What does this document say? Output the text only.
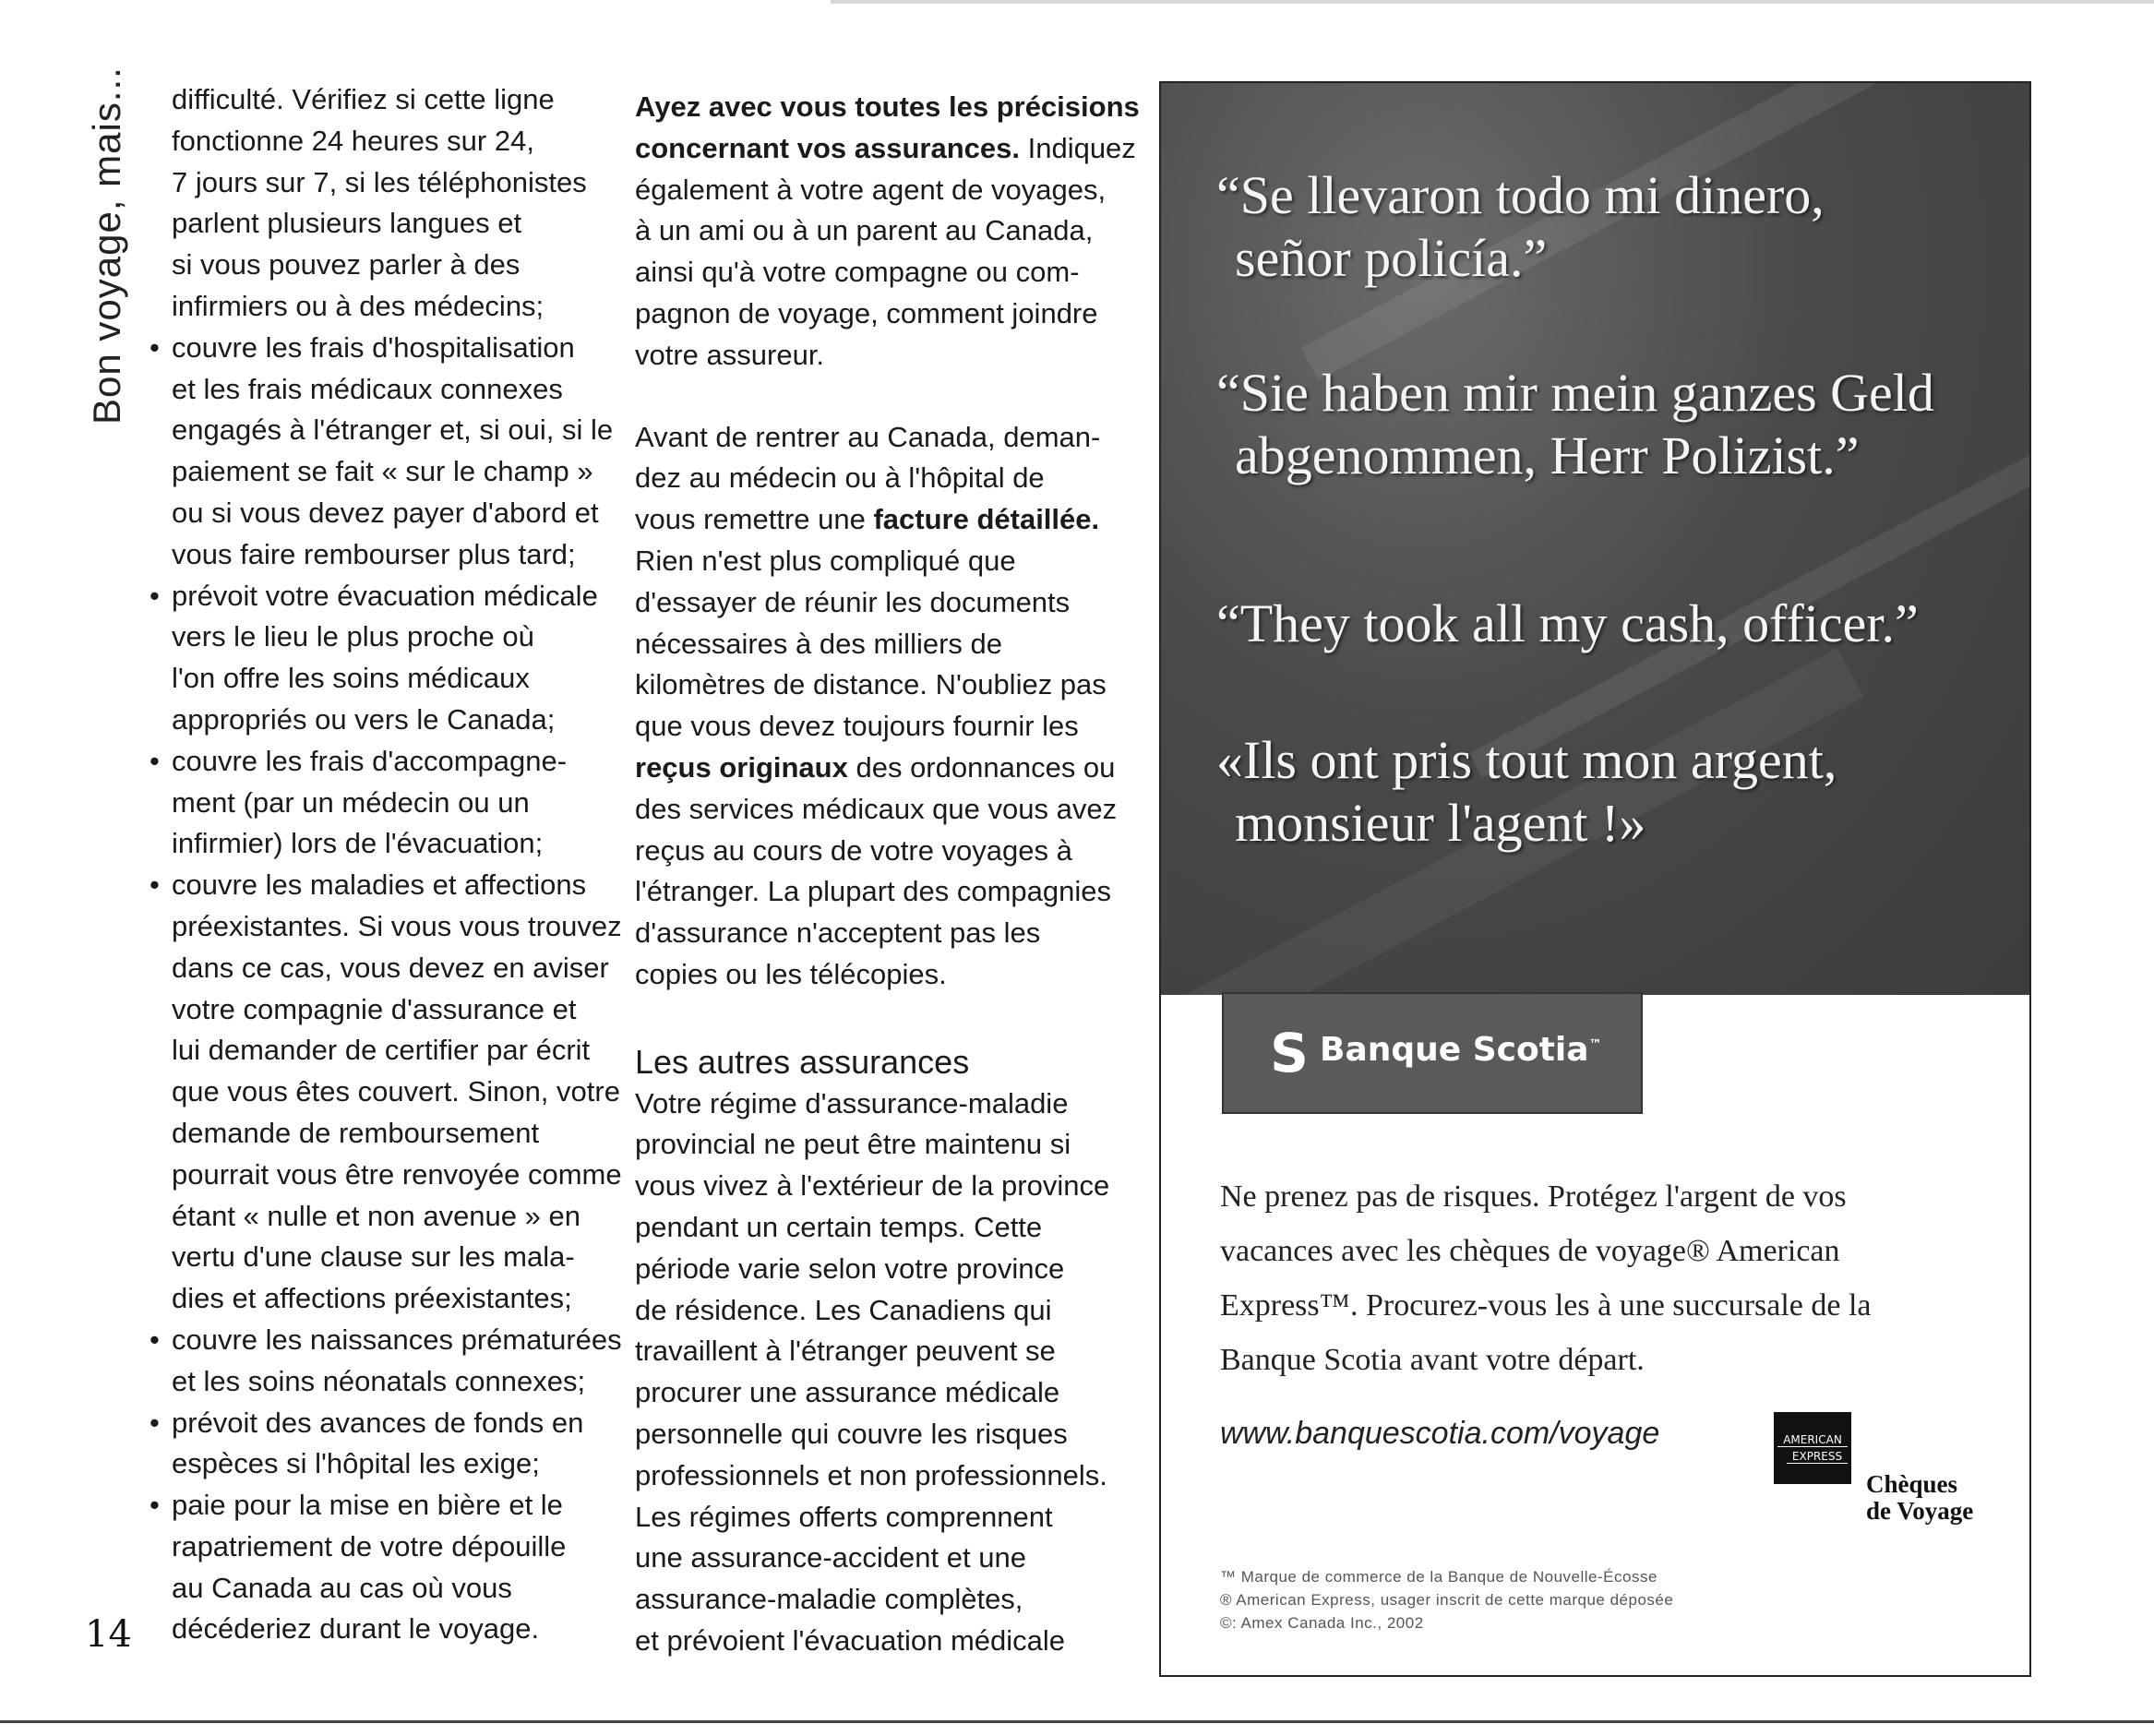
Bon voyage, mais...
14
difficulté. Vérifiez si cette ligne
fonctionne 24 heures sur 24,
7 jours sur 7, si les téléphonistes
parlent plusieurs langues et
si vous pouvez parler à des
infirmiers ou à des médecins;
• couvre les frais d'hospitalisation
et les frais médicaux connexes
engagés à l'étranger et, si oui, si le
paiement se fait « sur le champ »
ou si vous devez payer d'abord et
vous faire rembourser plus tard;
• prévoit votre évacuation médicale
vers le lieu le plus proche où
l'on offre les soins médicaux
appropriés ou vers le Canada;
• couvre les frais d'accompagne-
ment (par un médecin ou un
infirmier) lors de l'évacuation;
• couvre les maladies et affections
préexistantes. Si vous vous trouvez
dans ce cas, vous devez en aviser
votre compagnie d'assurance et
lui demander de certifier par écrit
que vous êtes couvert. Sinon, votre
demande de remboursement
pourrait vous être renvoyée comme
étant « nulle et non avenue » en
vertu d'une clause sur les mala-
dies et affections préexistantes;
• couvre les naissances prématurées
et les soins néonatals connexes;
• prévoit des avances de fonds en
espèces si l'hôpital les exige;
• paie pour la mise en bière et le
rapatriement de votre dépouille
au Canada au cas où vous
décéderiez durant le voyage.
Ayez avec vous toutes les précisions
concernant vos assurances. Indiquez
également à votre agent de voyages,
à un ami ou à un parent au Canada,
ainsi qu'à votre compagne ou com-
pagnon de voyage, comment joindre
votre assureur.
Avant de rentrer au Canada, deman-
dez au médecin ou à l'hôpital de
vous remettre une facture détaillée.
Rien n'est plus compliqué que
d'essayer de réunir les documents
nécessaires à des milliers de
kilomètres de distance. N'oubliez pas
que vous devez toujours fournir les
reçus originaux des ordonnances ou
des services médicaux que vous avez
reçus au cours de votre voyages à
l'étranger. La plupart des compagnies
d'assurance n'acceptent pas les
copies ou les télécopies.
Les autres assurances
Votre régime d'assurance-maladie
provincial ne peut être maintenu si
vous vivez à l'extérieur de la province
pendant un certain temps. Cette
période varie selon votre province
de résidence. Les Canadiens qui
travaillent à l'étranger peuvent se
procurer une assurance médicale
personnelle qui couvre les risques
professionnels et non professionnels.
Les régimes offerts comprennent
une assurance-accident et une
assurance-maladie complètes,
et prévoient l'évacuation médicale
“Se llevaron todo mi dinero,
señor policía.”
“Sie haben mir mein ganzes Geld
abgenommen, Herr Polizist.”
“They took all my cash, officer.”
«Ils ont pris tout mon argent,
monsieur l'agent !»
S Banque Scotia™
Ne prenez pas de risques. Protégez l'argent de vos
vacances avec les chèques de voyage® American
Express™. Procurez-vous les à une succursale de la
Banque Scotia avant votre départ.
www.banquescotia.com/voyage	AMERICAN
EXPRESS
Chèques
de Voyage
™ Marque de commerce de la Banque de Nouvelle-Écosse
® American Express, usager inscrit de cette marque déposée
©: Amex Canada Inc., 2002
